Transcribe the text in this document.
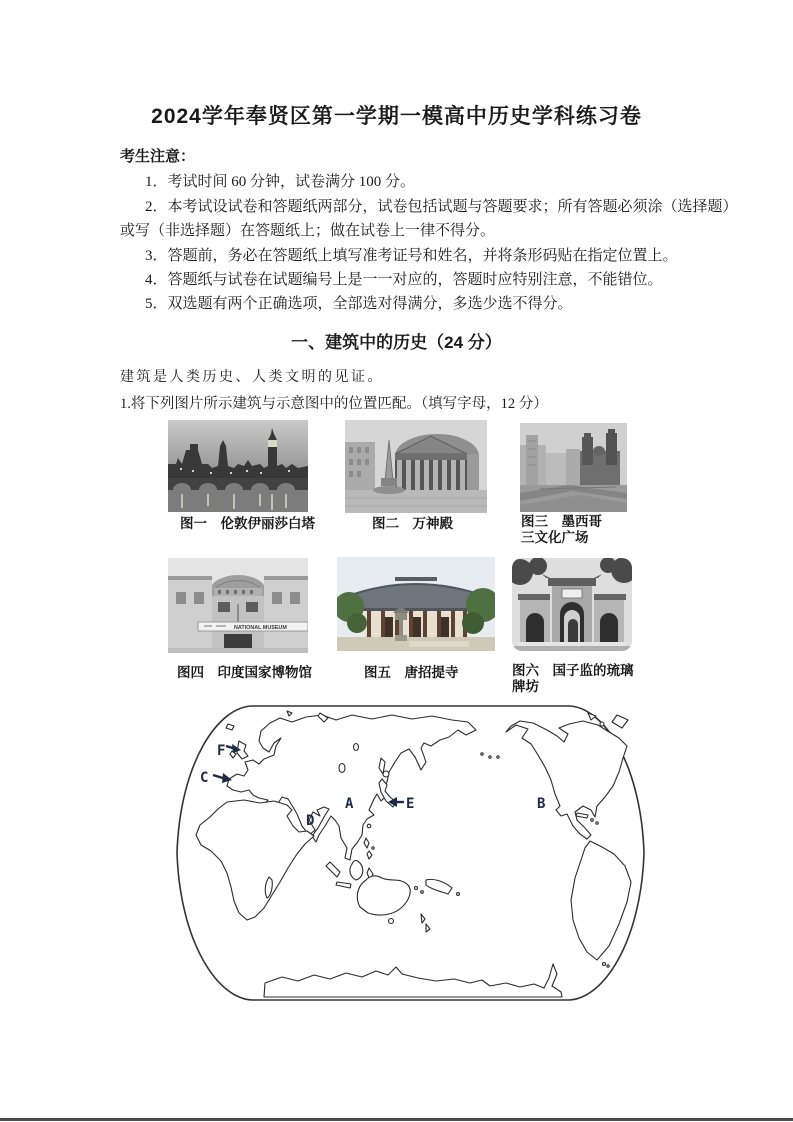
2024学年奉贤区第一学期一模高中历史学科练习卷
考生注意：
1．考试时间 60 分钟，试卷满分 100 分。
2．本考试设试卷和答题纸两部分，试卷包括试题与答题要求；所有答题必须涂（选择题）
或写（非选择题）在答题纸上；做在试卷上一律不得分。
3．答题前，务必在答题纸上填写准考证号和姓名，并将条形码贴在指定位置上。
4．答题纸与试卷在试题编号上是一一对应的，答题时应特别注意，不能错位。
5．双选题有两个正确选项，全部选对得满分，多选少选不得分。
一、建筑中的历史（24 分）
建筑是人类历史、人类文明的见证。
1.将下列图片所示建筑与示意图中的位置匹配。（填写字母，12 分）
图一　伦敦伊丽莎白塔	图二　万神殿	图三　墨西哥
三文化广场
NATIONAL MUSEUM
图四　印度国家博物馆	图五　唐招提寺	图六　国子监的琉璃
牌坊
A	B
C
D
E
F
